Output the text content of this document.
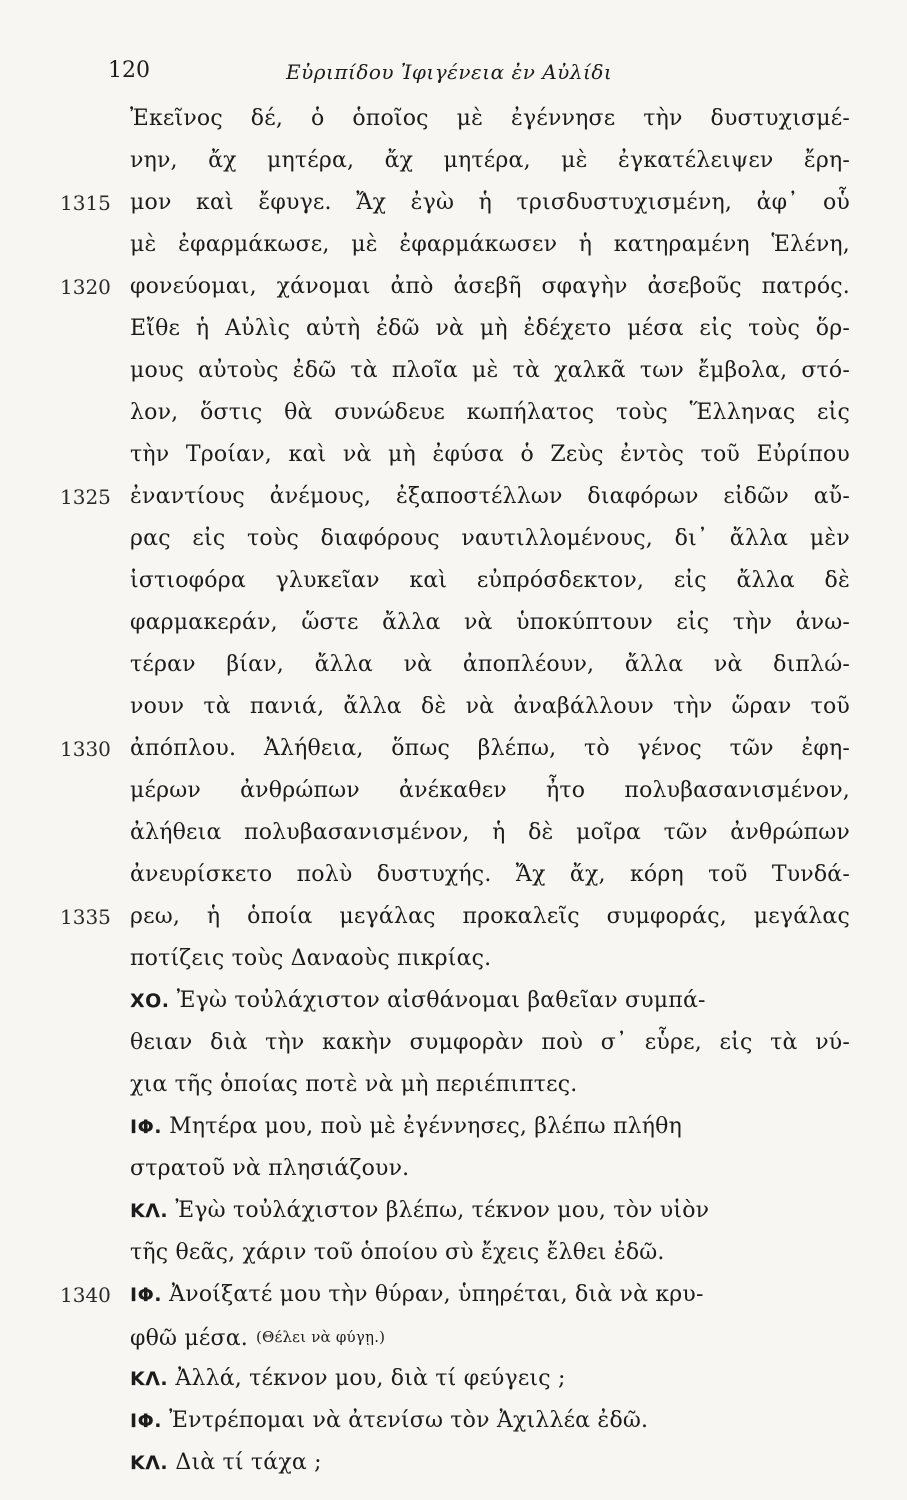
120	Εὐριπίδου Ἰφιγένεια ἐν Αὐλίδι
Ἐκεῖνος δέ, ὁ ὁποῖος μὲ ἐγέννησε τὴν δυστυχισμέ-
νην, ἄχ μητέρα, ἄχ μητέρα, μὲ ἐγκατέλειψεν ἔρη-
1315 μον καὶ ἔφυγε. Ἄχ ἐγὼ ἡ τρισδυστυχισμένη, ἀφ᾽ οὗ
μὲ ἐφαρμάκωσε, μὲ ἐφαρμάκωσεν ἡ κατηραμένη Ἑλένη,
1320 φονεύομαι, χάνομαι ἀπὸ ἀσεβῆ σφαγὴν ἀσεβοῦς πατρός.
Εἴθε ἡ Αὐλὶς αὐτὴ ἐδῶ νὰ μὴ ἐδέχετο μέσα εἰς τοὺς ὅρ-
μους αὐτοὺς ἐδῶ τὰ πλοῖα μὲ τὰ χαλκᾶ των ἔμβολα, στό-
λον, ὅστις θὰ συνώδευε κωπήλατος τοὺς Ἕλληνας εἰς
τὴν Τροίαν, καὶ νὰ μὴ ἐφύσα ὁ Ζεὺς ἐντὸς τοῦ Εὐρίπου
1325 ἐναντίους ἀνέμους, ἐξαποστέλλων διαφόρων εἰδῶν αὔ-
ρας εἰς τοὺς διαφόρους ναυτιλλομένους, δι᾽ ἄλλα μὲν
ἱστιοφόρα γλυκεῖαν καὶ εὐπρόσδεκτον, εἰς ἄλλα δὲ
φαρμακεράν, ὥστε ἄλλα νὰ ὑποκύπτουν εἰς τὴν ἀνω-
τέραν βίαν, ἄλλα νὰ ἀποπλέουν, ἄλλα νὰ διπλώ-
νουν τὰ πανιά, ἄλλα δὲ νὰ ἀναβάλλουν τὴν ὥραν τοῦ
1330 ἀπόπλου. Ἀλήθεια, ὅπως βλέπω, τὸ γένος τῶν ἐφη-
μέρων ἀνθρώπων ἀνέκαθεν ἦτο πολυβασανισμένον,
ἀλήθεια πολυβασανισμένον, ἡ δὲ μοῖρα τῶν ἀνθρώπων
ἀνευρίσκετο πολὺ δυστυχής. Ἄχ ἄχ, κόρη τοῦ Τυνδά-
1335 ρεω, ἡ ὁποία μεγάλας προκαλεῖς συμφοράς, μεγάλας
ποτίζεις τοὺς Δαναοὺς πικρίας.
ΧΟ. Ἐγὼ τοὐλάχιστον αἰσθάνομαι βαθεῖαν συμπά-
θειαν διὰ τὴν κακὴν συμφορὰν ποὺ σ᾽ εὗρε, εἰς τὰ νύ-
χια τῆς ὁποίας ποτὲ νὰ μὴ περιέπιπτες.
ΙΦ. Μητέρα μου, ποὺ μὲ ἐγέννησες, βλέπω πλήθη
στρατοῦ νὰ πλησιάζουν.
ΚΛ. Ἐγὼ τοὐλάχιστον βλέπω, τέκνον μου, τὸν υἱὸν
τῆς θεᾶς, χάριν τοῦ ὁποίου σὺ ἔχεις ἔλθει ἐδῶ.
1340	ΙΦ. Ἀνοίξατέ μου τὴν θύραν, ὑπηρέται, διὰ νὰ κρυ-
φθῶ μέσα. (Θέλει νὰ φύγῃ.)
ΚΛ. Ἀλλά, τέκνον μου, διὰ τί φεύγεις ;
ΙΦ. Ἐντρέπομαι νὰ ἀτενίσω τὸν Ἀχιλλέα ἐδῶ.
ΚΛ. Διὰ τί τάχα ;
